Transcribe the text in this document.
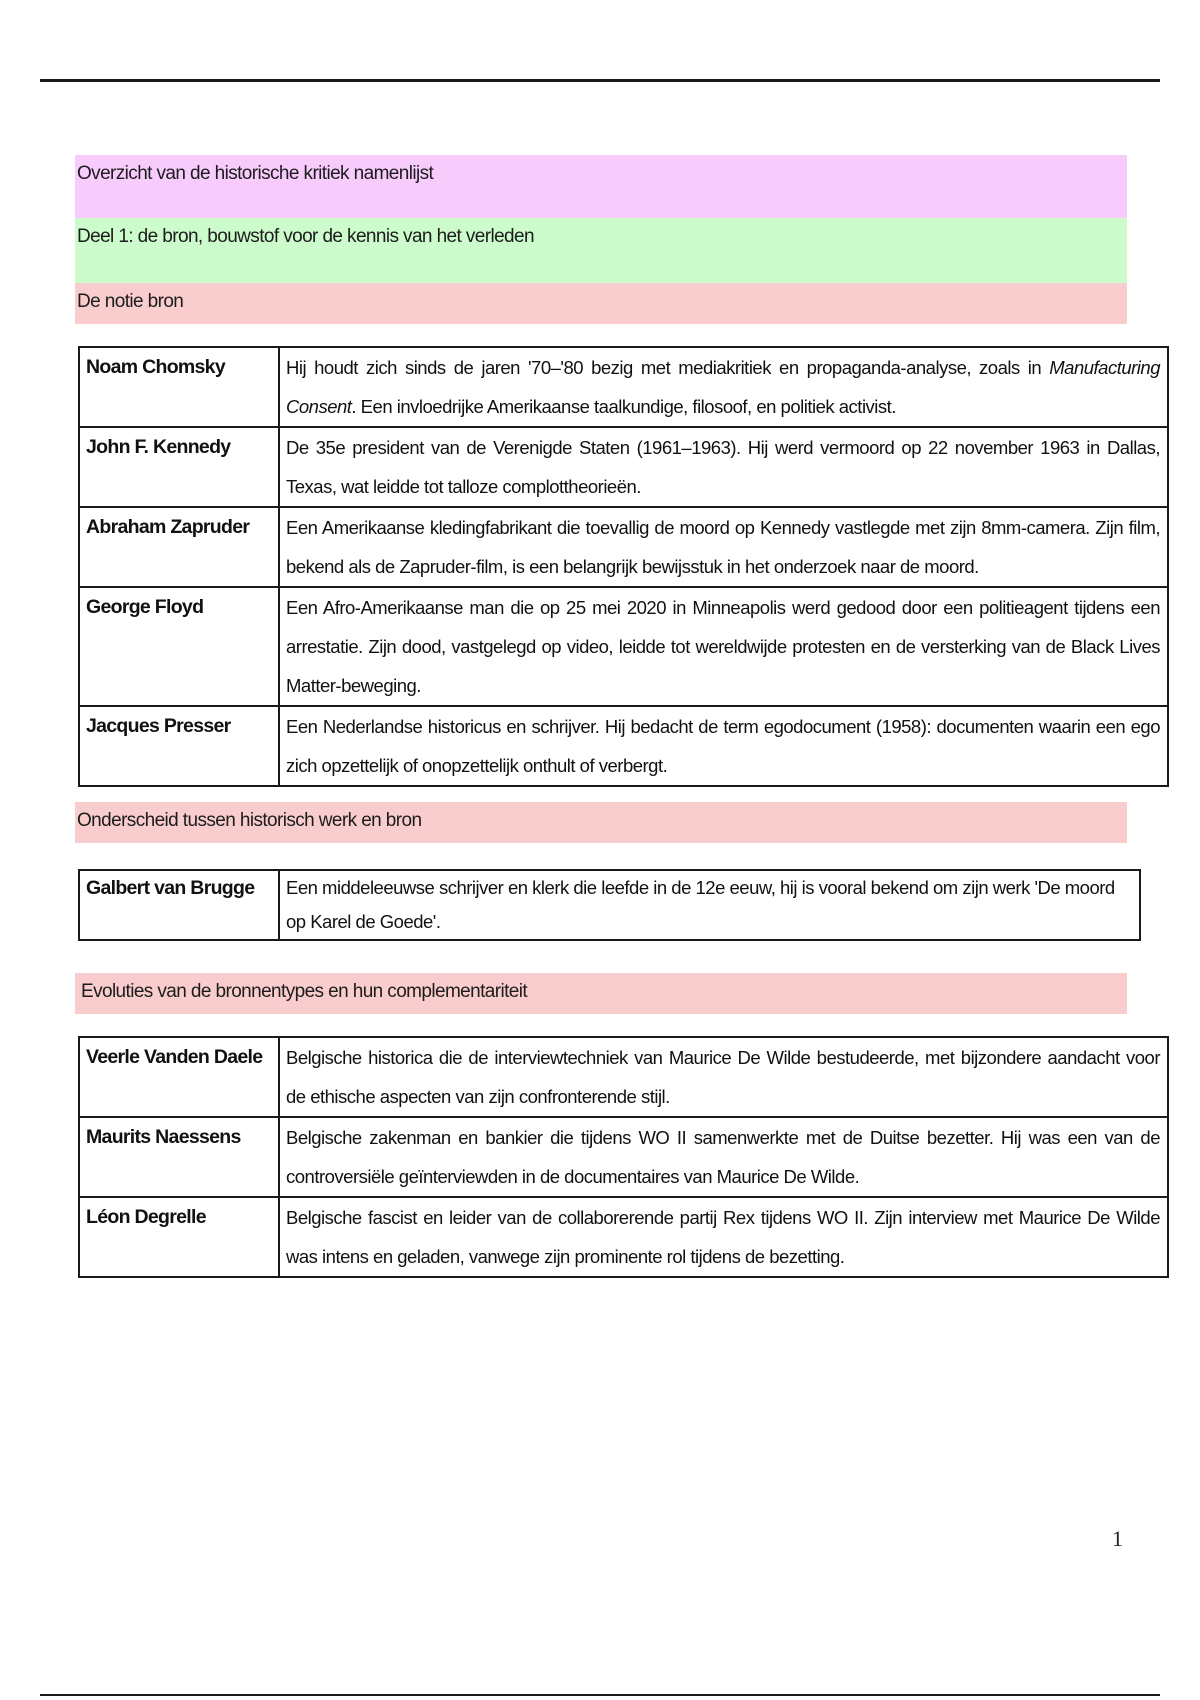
Overzicht van de historische kritiek namenlijst
Deel 1: de bron, bouwstof voor de kennis van het verleden
De notie bron
Noam Chomsky	Hij houdt zich sinds de jaren '70–'80 bezig met mediakritiek en propaganda-analyse, zoals in Manufacturing Consent. Een invloedrijke Amerikaanse taalkundige, filosoof, en politiek activist.
John F. Kennedy	De 35e president van de Verenigde Staten (1961–1963). Hij werd vermoord op 22 november 1963 in Dallas, Texas, wat leidde tot talloze complottheorieën.
Abraham Zapruder	Een Amerikaanse kledingfabrikant die toevallig de moord op Kennedy vastlegde met zijn 8mm-camera. Zijn film, bekend als de Zapruder-film, is een belangrijk bewijsstuk in het onderzoek naar de moord.
George Floyd	Een Afro-Amerikaanse man die op 25 mei 2020 in Minneapolis werd gedood door een politieagent tijdens een arrestatie. Zijn dood, vastgelegd op video, leidde tot wereldwijde protesten en de versterking van de Black Lives Matter-beweging.
Jacques Presser	Een Nederlandse historicus en schrijver. Hij bedacht de term egodocument (1958): documenten waarin een ego zich opzettelijk of onopzettelijk onthult of verbergt.
Onderscheid tussen historisch werk en bron
Galbert van Brugge	Een middeleeuwse schrijver en klerk die leefde in de 12e eeuw, hij is vooral bekend om zijn werk 'De moord op Karel de Goede'.
Evoluties van de bronnentypes en hun complementariteit
Veerle Vanden Daele	Belgische historica die de interviewtechniek van Maurice De Wilde bestudeerde, met bijzondere aandacht voor de ethische aspecten van zijn confronterende stijl.
Maurits Naessens	Belgische zakenman en bankier die tijdens WO II samenwerkte met de Duitse bezetter. Hij was een van de controversiële geïnterviewden in de documentaires van Maurice De Wilde.
Léon Degrelle	Belgische fascist en leider van de collaborerende partij Rex tijdens WO II. Zijn interview met Maurice De Wilde was intens en geladen, vanwege zijn prominente rol tijdens de bezetting.
1
